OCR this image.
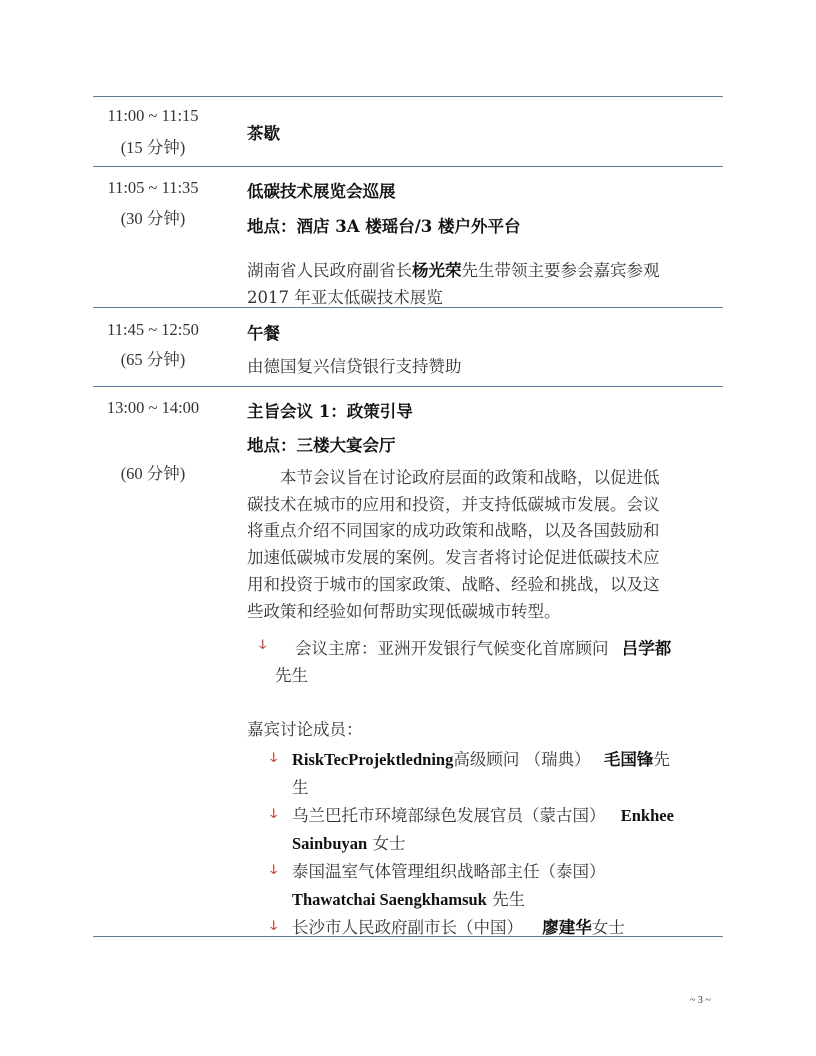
11:00 ~ 11:15
(15 分钟)
茶歇
11:05 ~ 11:35
(30 分钟)
低碳技术展览会巡展
地点：酒店 3A 楼瑶台/3 楼户外平台
湖南省人民政府副省长杨光荣先生带领主要参会嘉宾参观
2017 年亚太低碳技术展览
11:45 ~ 12:50
(65 分钟)
午餐
由德国复兴信贷银行支持赞助
13:00 ~ 14:00
(60 分钟)
主旨会议 1：政策引导
地点：三楼大宴会厅

本节会议旨在讨论政府层面的政策和战略，以促进低

碳技术在城市的应用和投资，并支持低碳城市发展。会议

将重点介绍不同国家的成功政策和战略，以及各国鼓励和

加速低碳城市发展的案例。发言者将讨论促进低碳技术应

用和投资于城市的国家政策、战略、经验和挑战，以及这

些政策和经验如何帮助实现低碳城市转型。

ↆ 会议主席：亚洲开发银行气候变化首席顾问 吕学都
先生
嘉宾讨论成员：
ↆ RiskTecProjektledning高级顾问 （瑞典） 毛国锋先
生
ↆ 乌兰巴托市环境部绿色发展官员（蒙古国） Enkhee
Sainbuyan 女士
ↆ 泰国温室气体管理组织战略部主任（泰国）
Thawatchai Saengkhamsuk 先生
ↆ 长沙市人民政府副市长（中国） 廖建华女士
~ 3 ~
